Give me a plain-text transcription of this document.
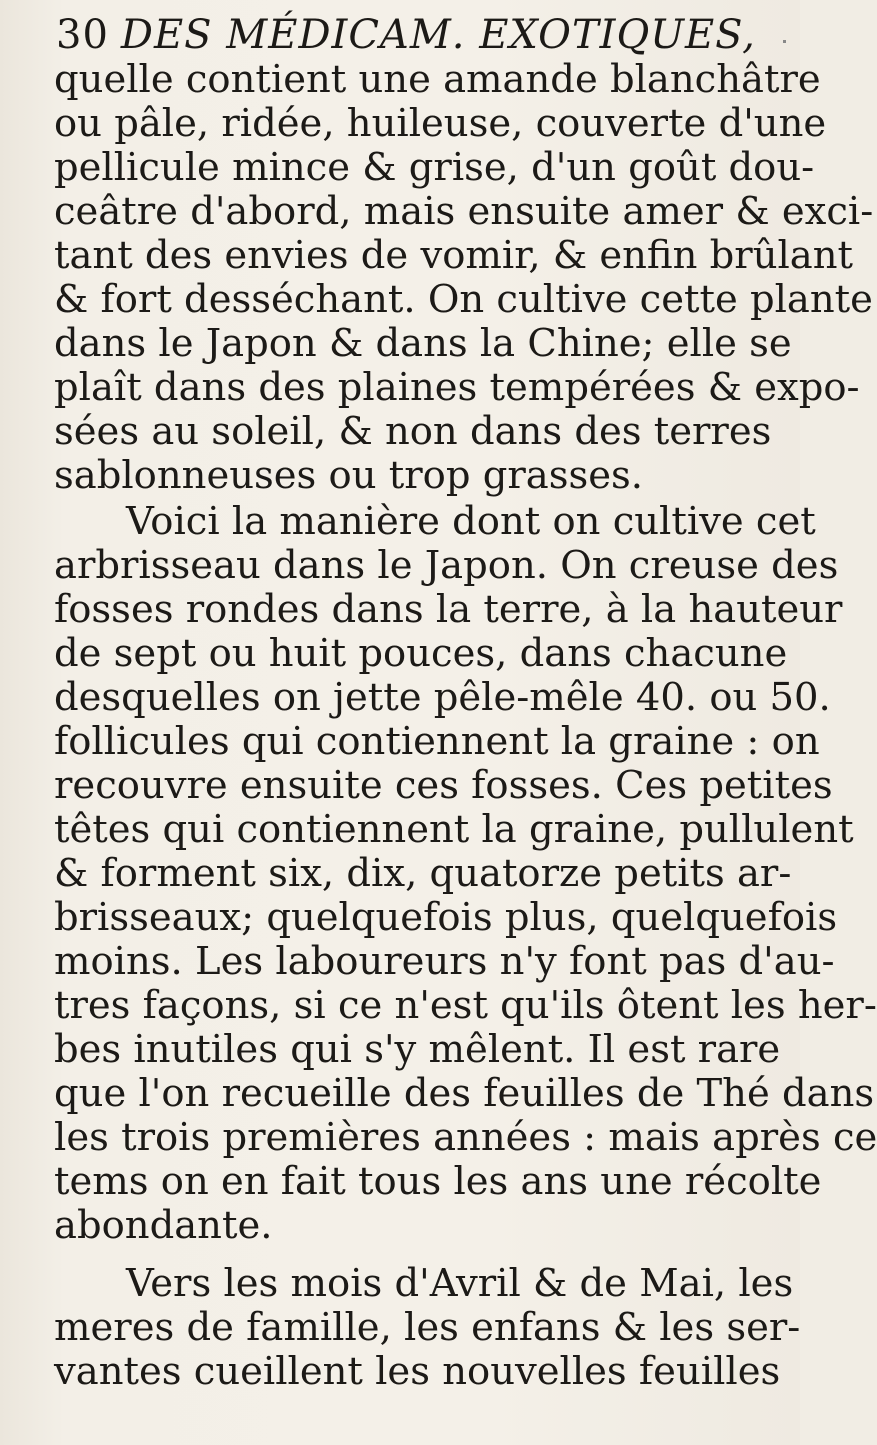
30 DES MÉDICAM. EXOTIQUES,
quelle contient une amande blanchâtre
ou pâle, ridée, huileuse, couverte d'une
pellicule mince & grise, d'un goût dou-
ceâtre d'abord, mais ensuite amer & exci-
tant des envies de vomir, & enfin brûlant
& fort desséchant. On cultive cette plante
dans le Japon & dans la Chine; elle se
plaît dans des plaines tempérées & expo-
sées au soleil, & non dans des terres
sablonneuses ou trop grasses.
Voici la manière dont on cultive cet
arbrisseau dans le Japon. On creuse des
fosses rondes dans la terre, à la hauteur
de sept ou huit pouces, dans chacune
desquelles on jette pêle-mêle 40. ou 50.
follicules qui contiennent la graine : on
recouvre ensuite ces fosses. Ces petites
têtes qui contiennent la graine, pullulent
& forment six, dix, quatorze petits ar-
brisseaux; quelquefois plus, quelquefois
moins. Les laboureurs n'y font pas d'au-
tres façons, si ce n'est qu'ils ôtent les her-
bes inutiles qui s'y mêlent. Il est rare
que l'on recueille des feuilles de Thé dans
les trois premières années : mais après ce
tems on en fait tous les ans une récolte
abondante.
Vers les mois d'Avril & de Mai, les
meres de famille, les enfans & les ser-
vantes cueillent les nouvelles feuilles
